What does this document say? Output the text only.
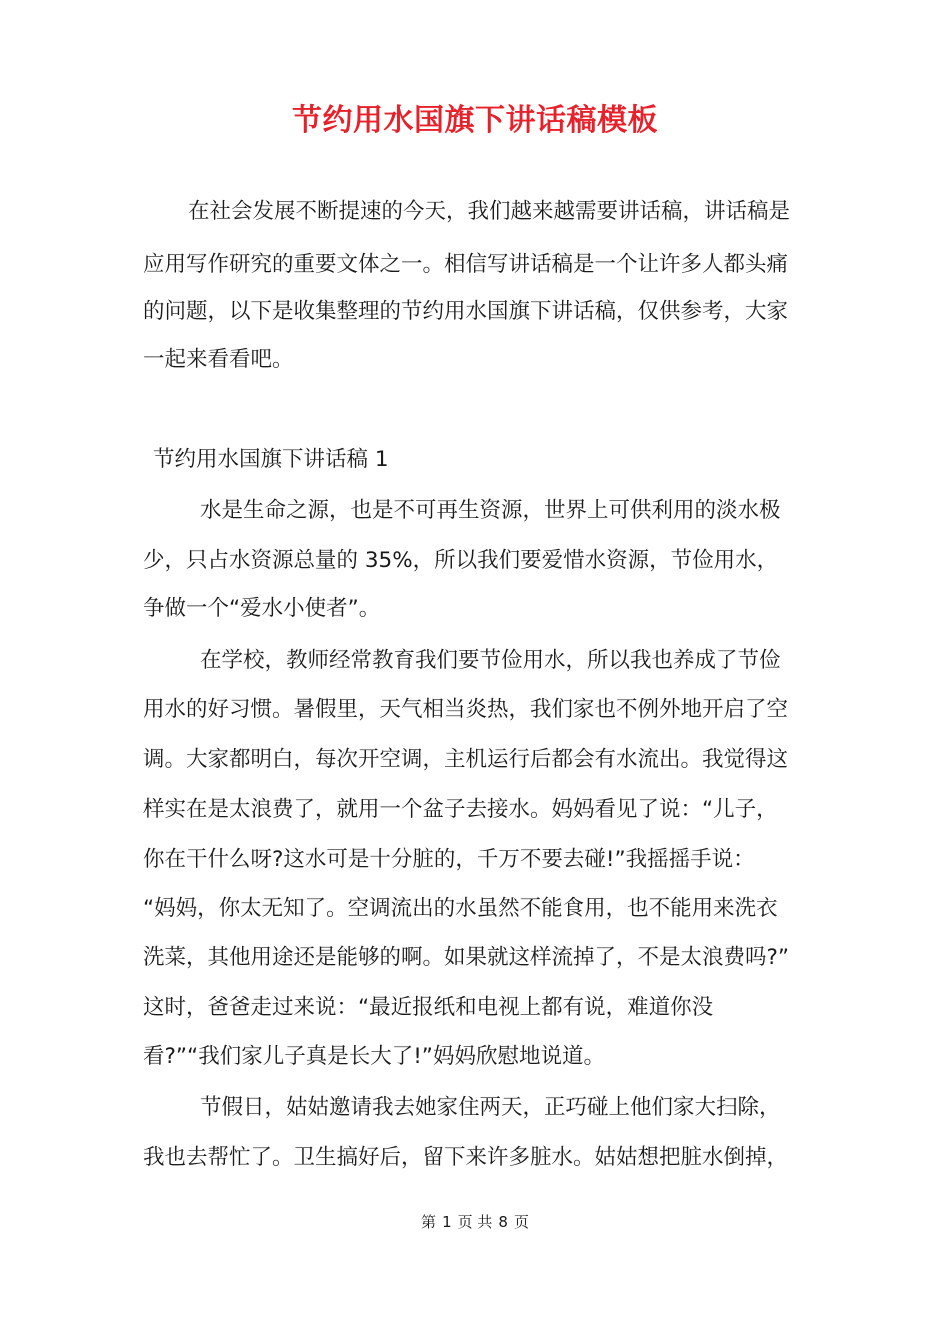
节约用水国旗下讲话稿模板
在社会发展不断提速的今天，我们越来越需要讲话稿，讲话稿是
应用写作研究的重要文体之一。相信写讲话稿是一个让许多人都头痛
的问题，以下是收集整理的节约用水国旗下讲话稿，仅供参考，大家
一起来看看吧。
节约用水国旗下讲话稿 1
水是生命之源，也是不可再生资源，世界上可供利用的淡水极
少，只占水资源总量的 35%，所以我们要爱惜水资源，节俭用水，
争做一个“爱水小使者”。
在学校，教师经常教育我们要节俭用水，所以我也养成了节俭
用水的好习惯。暑假里，天气相当炎热，我们家也不例外地开启了空
调。大家都明白，每次开空调，主机运行后都会有水流出。我觉得这
样实在是太浪费了，就用一个盆子去接水。妈妈看见了说：“儿子，
你在干什么呀?这水可是十分脏的，千万不要去碰!”我摇摇手说：
“妈妈，你太无知了。空调流出的水虽然不能食用，也不能用来洗衣
洗菜，其他用途还是能够的啊。如果就这样流掉了，不是太浪费吗?”
这时，爸爸走过来说：“最近报纸和电视上都有说，难道你没
看?”“我们家儿子真是长大了!”妈妈欣慰地说道。
节假日，姑姑邀请我去她家住两天，正巧碰上他们家大扫除，
我也去帮忙了。卫生搞好后，留下来许多脏水。姑姑想把脏水倒掉，
第 1 页 共 8 页
